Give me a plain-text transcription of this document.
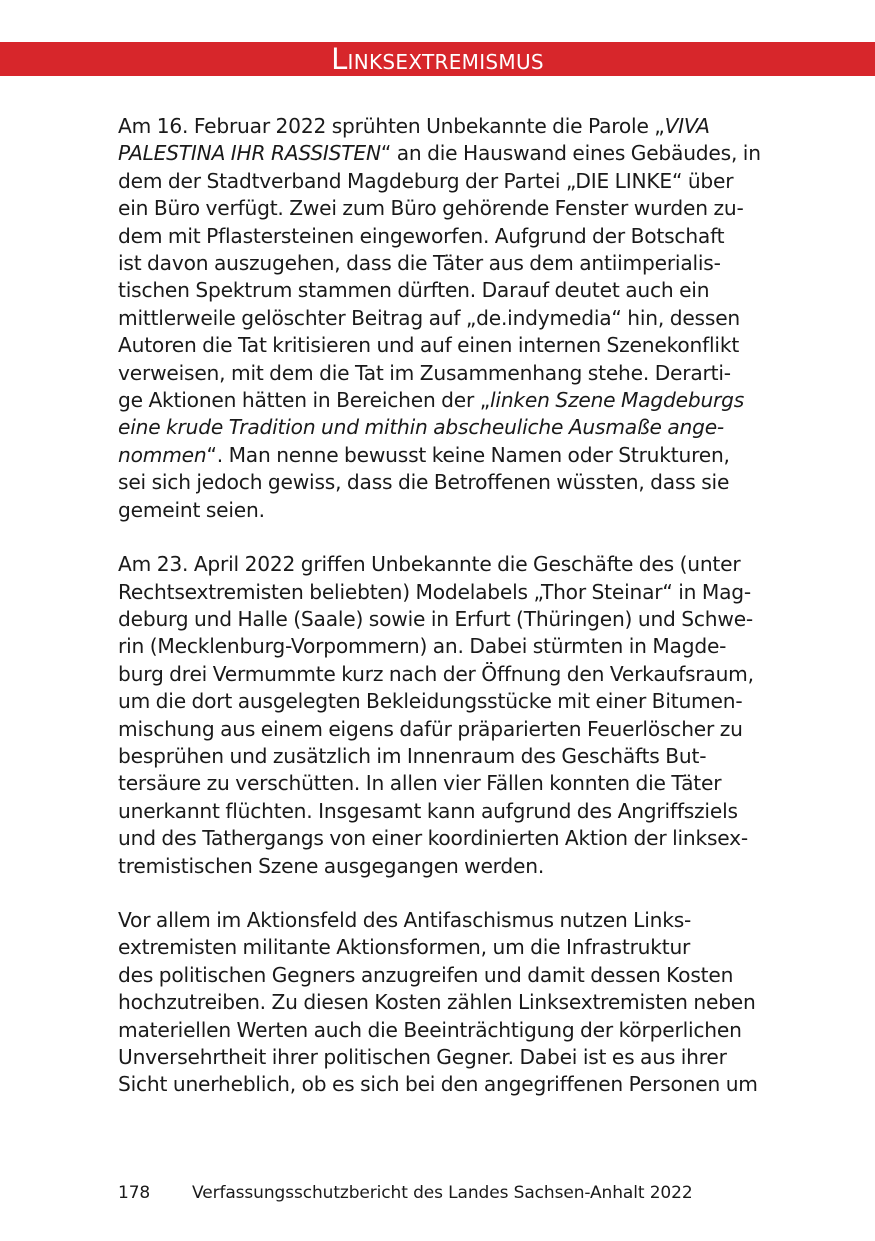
Linksextremismus

Am 16. Februar 2022 sprühten Unbekannte die Parole „VIVA
PALESTINA IHR RASSISTEN“ an die Hauswand eines Gebäudes, in
dem der Stadtverband Magdeburg der Partei „DIE LINKE“ über
ein Büro verfügt. Zwei zum Büro gehörende Fenster wurden zu-
dem mit Pflastersteinen eingeworfen. Aufgrund der Botschaft
ist davon auszugehen, dass die Täter aus dem antiimperialis-
tischen Spektrum stammen dürften. Darauf deutet auch ein
mittlerweile gelöschter Beitrag auf „de.indymedia“ hin, dessen
Autoren die Tat kritisieren und auf einen internen Szenekonflikt
verweisen, mit dem die Tat im Zusammenhang stehe. Derarti-
ge Aktionen hätten in Bereichen der „linken Szene Magdeburgs
eine krude Tradition und mithin abscheuliche Ausmaße ange-
nommen“. Man nenne bewusst keine Namen oder Strukturen,
sei sich jedoch gewiss, dass die Betroffenen wüssten, dass sie
gemeint seien.

Am 23. April 2022 griffen Unbekannte die Geschäfte des (unter
Rechtsextremisten beliebten) Modelabels „Thor Steinar“ in Mag-
deburg und Halle (Saale) sowie in Erfurt (Thüringen) und Schwe-
rin (Mecklenburg-Vorpommern) an. Dabei stürmten in Magde-
burg drei Vermummte kurz nach der Öffnung den Verkaufsraum,
um die dort ausgelegten Bekleidungsstücke mit einer Bitumen-
mischung aus einem eigens dafür präparierten Feuerlöscher zu
besprühen und zusätzlich im Innenraum des Geschäfts But-
tersäure zu verschütten. In allen vier Fällen konnten die Täter
unerkannt flüchten. Insgesamt kann aufgrund des Angriffsziels
und des Tathergangs von einer koordinierten Aktion der linksex-
tremistischen Szene ausgegangen werden.

Vor allem im Aktionsfeld des Antifaschismus nutzen Links-
extremisten militante Aktionsformen, um die Infrastruktur
des politischen Gegners anzugreifen und damit dessen Kosten
hochzutreiben. Zu diesen Kosten zählen Linksextremisten neben
materiellen Werten auch die Beeinträchtigung der körperlichen
Unversehrtheit ihrer politischen Gegner. Dabei ist es aus ihrer
Sicht unerheblich, ob es sich bei den angegriffenen Personen um

178 Verfassungsschutzbericht des Landes Sachsen-Anhalt 2022
